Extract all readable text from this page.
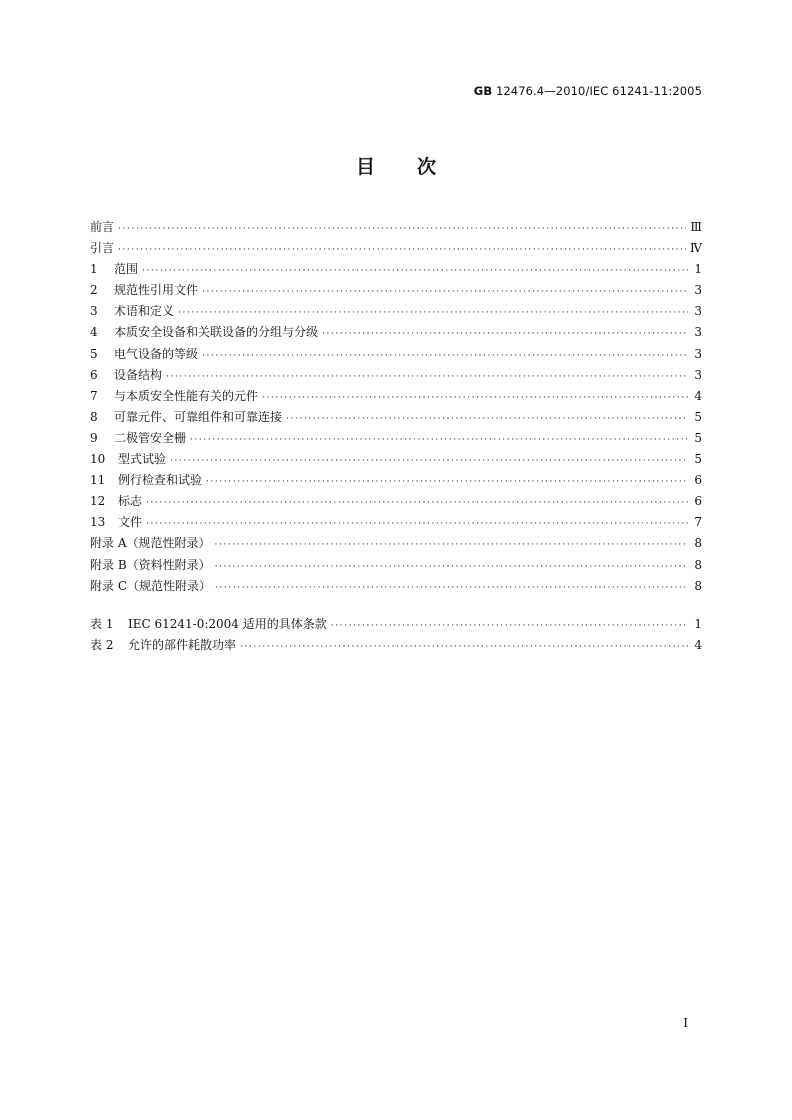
GB 12476.4—2010/IEC 61241-11:2005
目 次
前言 ·····	Ⅲ
引言 ·····	Ⅳ
1 范围 ·····	1
2 规范性引用文件 ·····	3
3 术语和定义 ·····	3
4 本质安全设备和关联设备的分组与分级 ·····	3
5 电气设备的等级 ·····	3
6 设备结构 ·····	3
7 与本质安全性能有关的元件 ·····	4
8 可靠元件、可靠组件和可靠连接 ·····	5
9 二极管安全栅 ·····	5
10 型式试验 ·····	5
11 例行检查和试验 ·····	6
12 标志 ·····	6
13 文件 ·····	7
附录 A（规范性附录） ·····	8
附录 B（资料性附录） ·····	8
附录 C（规范性附录） ·····	8
表 1 IEC 61241-0:2004 适用的具体条款 ·····	1
表 2 允许的部件耗散功率 ·····	4
Ⅰ
